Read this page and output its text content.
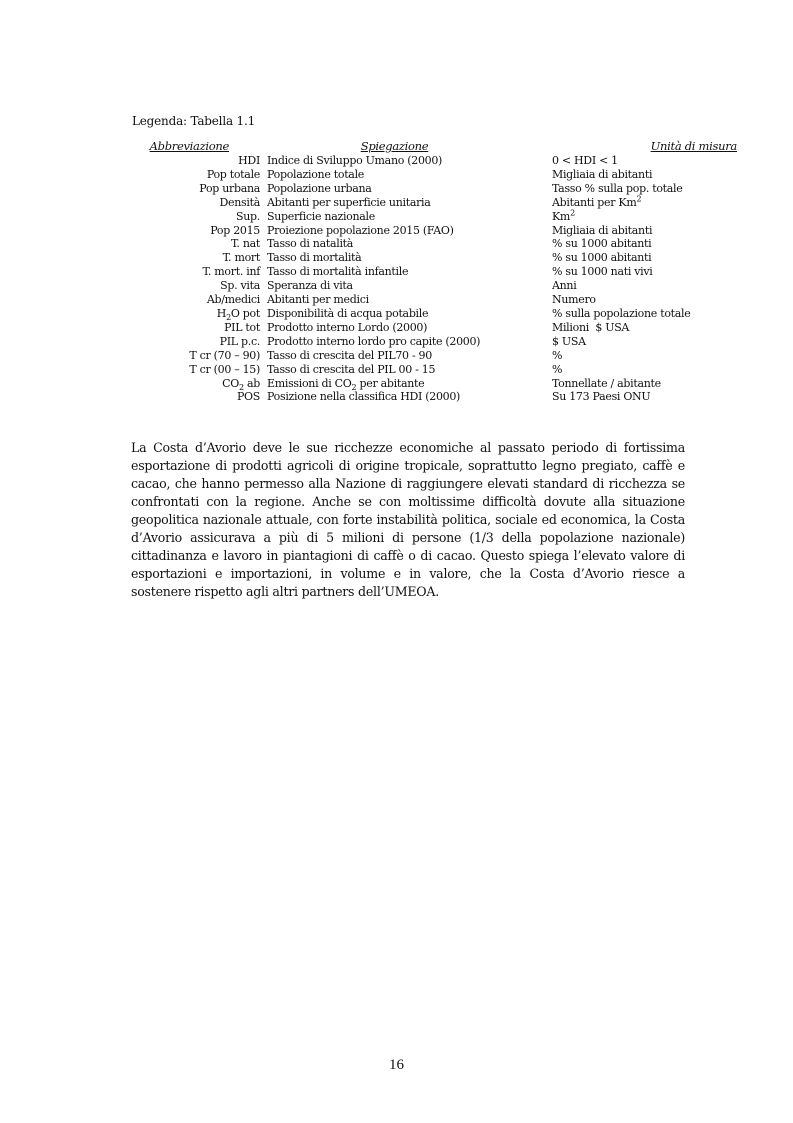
Legenda: Tabella 1.1
Abbreviazione	Spiegazione	Unità di misura
HDI	Indice di Sviluppo Umano (2000)	0 < HDI < 1
Pop totale	Popolazione totale	Migliaia di abitanti
Pop urbana	Popolazione urbana	Tasso % sulla pop. totale
Densità	Abitanti per superficie unitaria	Abitanti per Km$^2$
Sup.	Superficie nazionale	Km$^2$
Pop 2015	Proiezione popolazione 2015 (FAO)	Migliaia di abitanti
T. nat	Tasso di natalità	% su 1000 abitanti
T. mort	Tasso di mortalità	% su 1000 abitanti
T. mort. inf	Tasso di mortalità infantile	% su 1000 nati vivi
Sp. vita	Speranza di vita	Anni
Ab/medici	Abitanti per medici	Numero
$H_2O$ pot	Disponibilità di acqua potabile	% sulla popolazione totale
PIL tot	Prodotto interno Lordo (2000)	Milioni  $ USA
PIL p.c.	Prodotto interno lordo pro capite (2000)	$ USA
T cr (70 – 90)	Tasso di crescita del PIL70 - 90	%
T cr (00 – 15)	Tasso di crescita del PIL 00 - 15	%
$CO_2$ ab	Emissioni di $CO_2$ per abitante	Tonnellate / abitante
POS	Posizione nella classifica HDI (2000)	Su 173 Paesi ONU

La Costa d’Avorio deve le sue ricchezze economiche al passato periodo di fortissima esportazione di prodotti agricoli di origine tropicale, soprattutto legno pregiato, caffè e cacao, che hanno permesso alla Nazione di raggiungere elevati standard di ricchezza se confrontati con la regione. Anche se con moltissime difficoltà dovute alla situazione geopolitica nazionale attuale, con forte instabilità politica, sociale ed economica, la Costa d’Avorio assicurava a più di 5 milioni di persone (1/3 della popolazione nazionale) cittadinanza e lavoro in piantagioni di caffè o di cacao. Questo spiega l’elevato valore di esportazioni e importazioni, in volume e in valore, che la Costa d’Avorio riesce a sostenere rispetto agli altri partners dell’UMEOA.

16
